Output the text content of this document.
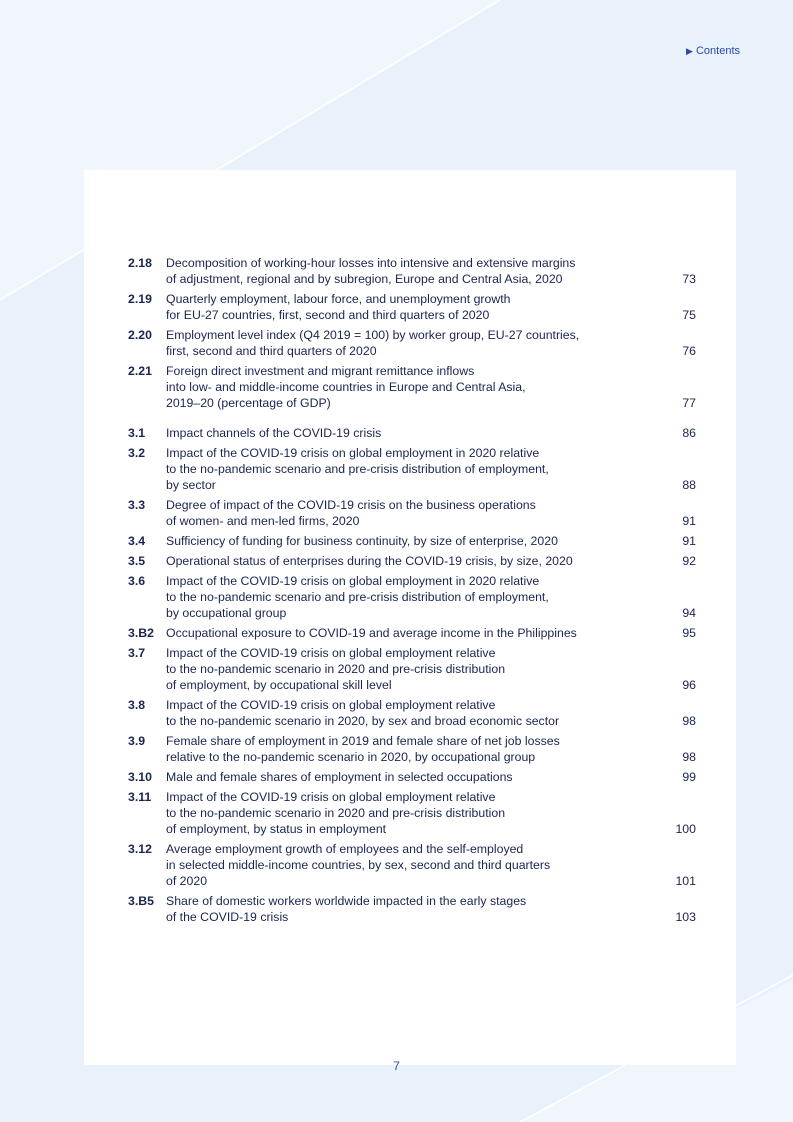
▶ Contents
2.18	Decomposition of working-hour losses into intensive and extensive margins
of adjustment, regional and by subregion, Europe and Central Asia, 2020	73
2.19	Quarterly employment, labour force, and unemployment growth
for EU-27 countries, first, second and third quarters of 2020	75
2.20	Employment level index (Q4 2019 = 100) by worker group, EU-27 countries,
first, second and third quarters of 2020	76
2.21	Foreign direct investment and migrant remittance inflows
into low- and middle-income countries in Europe and Central Asia,
2019–20 (percentage of GDP)	77
3.1	Impact channels of the COVID-19 crisis	86
3.2	Impact of the COVID-19 crisis on global employment in 2020 relative
to the no-pandemic scenario and pre-crisis distribution of employment,
by sector	88
3.3	Degree of impact of the COVID-19 crisis on the business operations
of women- and men-led firms, 2020	91
3.4	Sufficiency of funding for business continuity, by size of enterprise, 2020	91
3.5	Operational status of enterprises during the COVID-19 crisis, by size, 2020	92
3.6	Impact of the COVID-19 crisis on global employment in 2020 relative
to the no-pandemic scenario and pre-crisis distribution of employment,
by occupational group	94
3.B2 Occupational exposure to COVID-19 and average income in the Philippines	95
3.7	Impact of the COVID-19 crisis on global employment relative
to the no-pandemic scenario in 2020 and pre-crisis distribution
of employment, by occupational skill level	96
3.8	Impact of the COVID-19 crisis on global employment relative
to the no-pandemic scenario in 2020, by sex and broad economic sector	98
3.9	Female share of employment in 2019 and female share of net job losses
relative to the no-pandemic scenario in 2020, by occupational group	98
3.10	Male and female shares of employment in selected occupations	99
3.11	Impact of the COVID-19 crisis on global employment relative
to the no-pandemic scenario in 2020 and pre-crisis distribution
of employment, by status in employment	100
3.12	Average employment growth of employees and the self-employed
in selected middle-income countries, by sex, second and third quarters
of 2020	101
3.B5 Share of domestic workers worldwide impacted in the early stages
of the COVID-19 crisis	103
7
